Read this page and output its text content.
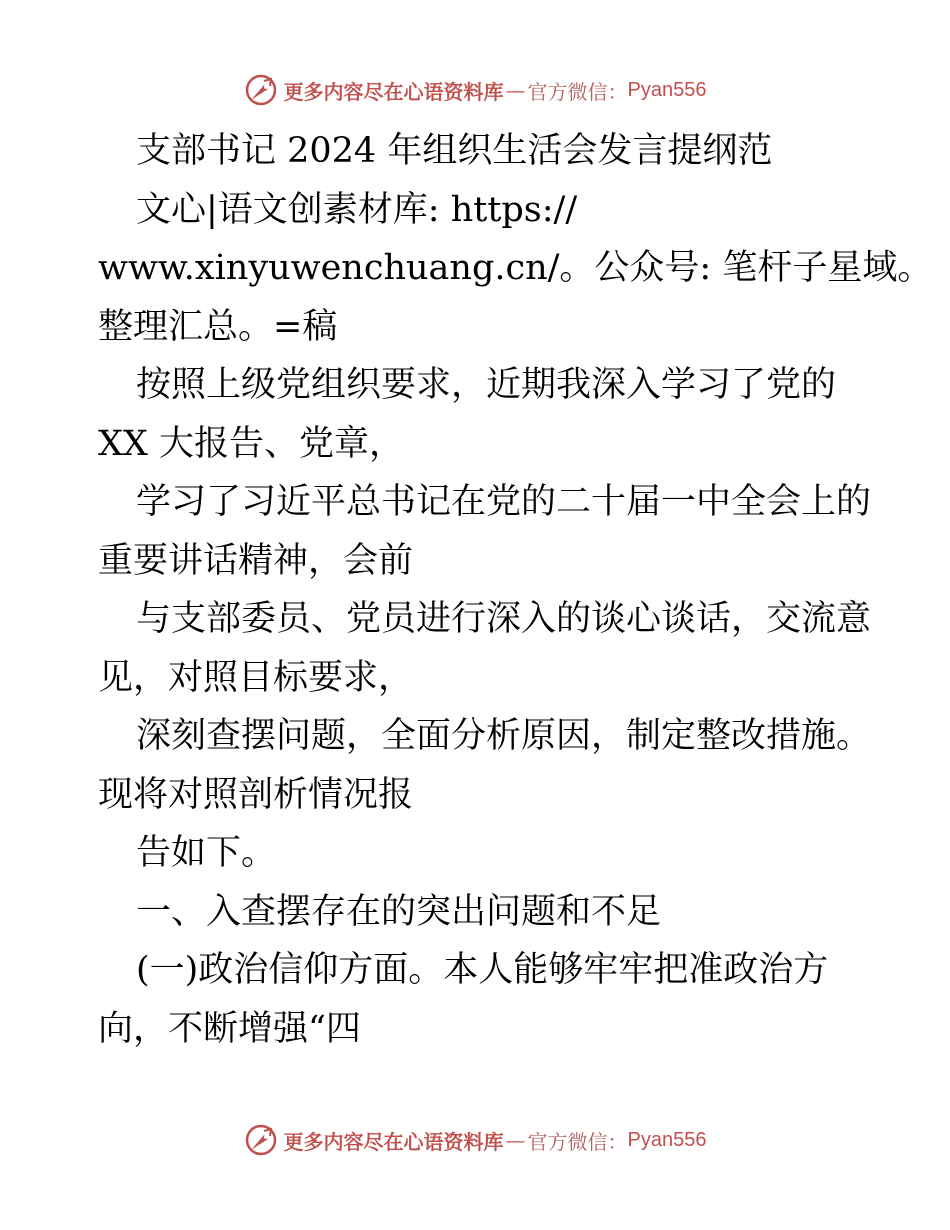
更多内容尽在心语资料库 — 官方微信： Pyan556
支部书记 2024 年组织生活会发言提纲范
文心|语文创素材库: https://
www.xinyuwenchuang.cn/。公众号: 笔杆子星域。
整理汇总。=稿
按照上级党组织要求，近期我深入学习了党的
XX 大报告、党章，
学习了习近平总书记在党的二十届一中全会上的
重要讲话精神，会前
与支部委员、党员进行深入的谈心谈话，交流意
见，对照目标要求，
深刻查摆问题，全面分析原因，制定整改措施。
现将对照剖析情况报
告如下。
一、入查摆存在的突出问题和不足
(一)政治信仰方面。本人能够牢牢把准政治方
向，不断增强“四
更多内容尽在心语资料库 — 官方微信： Pyan556
